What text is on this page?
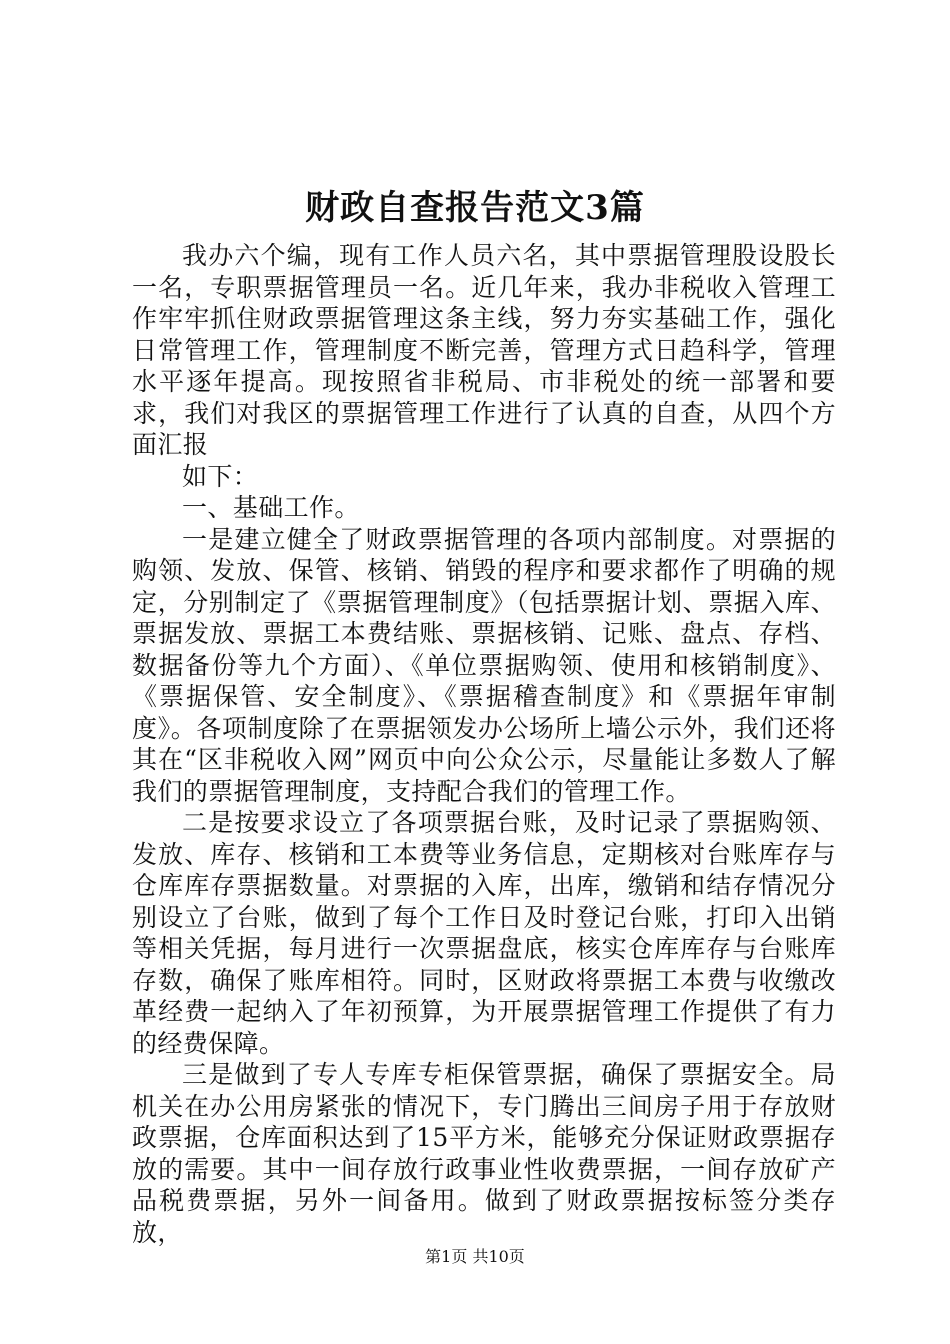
财政自查报告范文3篇

我办六个编，现有工作人员六名，其中票据管理股设股长一名，专职票据管理员一名。近几年来，我办非税收入管理工作牢牢抓住财政票据管理这条主线，努力夯实基础工作，强化日常管理工作，管理制度不断完善，管理方式日趋科学，管理水平逐年提高。现按照省非税局、市非税处的统一部署和要求，我们对我区的票据管理工作进行了认真的自查，从四个方面汇报

如下：

一、基础工作。

一是建立健全了财政票据管理的各项内部制度。对票据的购领、发放、保管、核销、销毁的程序和要求都作了明确的规定，分别制定了《票据管理制度》（包括票据计划、票据入库、票据发放、票据工本费结账、票据核销、记账、盘点、存档、数据备份等九个方面）、《单位票据购领、使用和核销制度》、《票据保管、安全制度》、《票据稽查制度》和《票据年审制度》。各项制度除了在票据领发办公场所上墙公示外，我们还将其在“区非税收入网”网页中向公众公示，尽量能让多数人了解我们的票据管理制度，支持配合我们的管理工作。

二是按要求设立了各项票据台账，及时记录了票据购领、发放、库存、核销和工本费等业务信息，定期核对台账库存与仓库库存票据数量。对票据的入库，出库，缴销和结存情况分别设立了台账，做到了每个工作日及时登记台账，打印入出销等相关凭据，每月进行一次票据盘底，核实仓库库存与台账库存数，确保了账库相符。同时，区财政将票据工本费与收缴改革经费一起纳入了年初预算，为开展票据管理工作提供了有力的经费保障。

三是做到了专人专库专柜保管票据，确保了票据安全。局机关在办公用房紧张的情况下，专门腾出三间房子用于存放财政票据，仓库面积达到了15平方米，能够充分保证财政票据存放的需要。其中一间存放行政事业性收费票据，一间存放矿产品税费票据，另外一间备用。做到了财政票据按标签分类存放，

第1页 共10页
